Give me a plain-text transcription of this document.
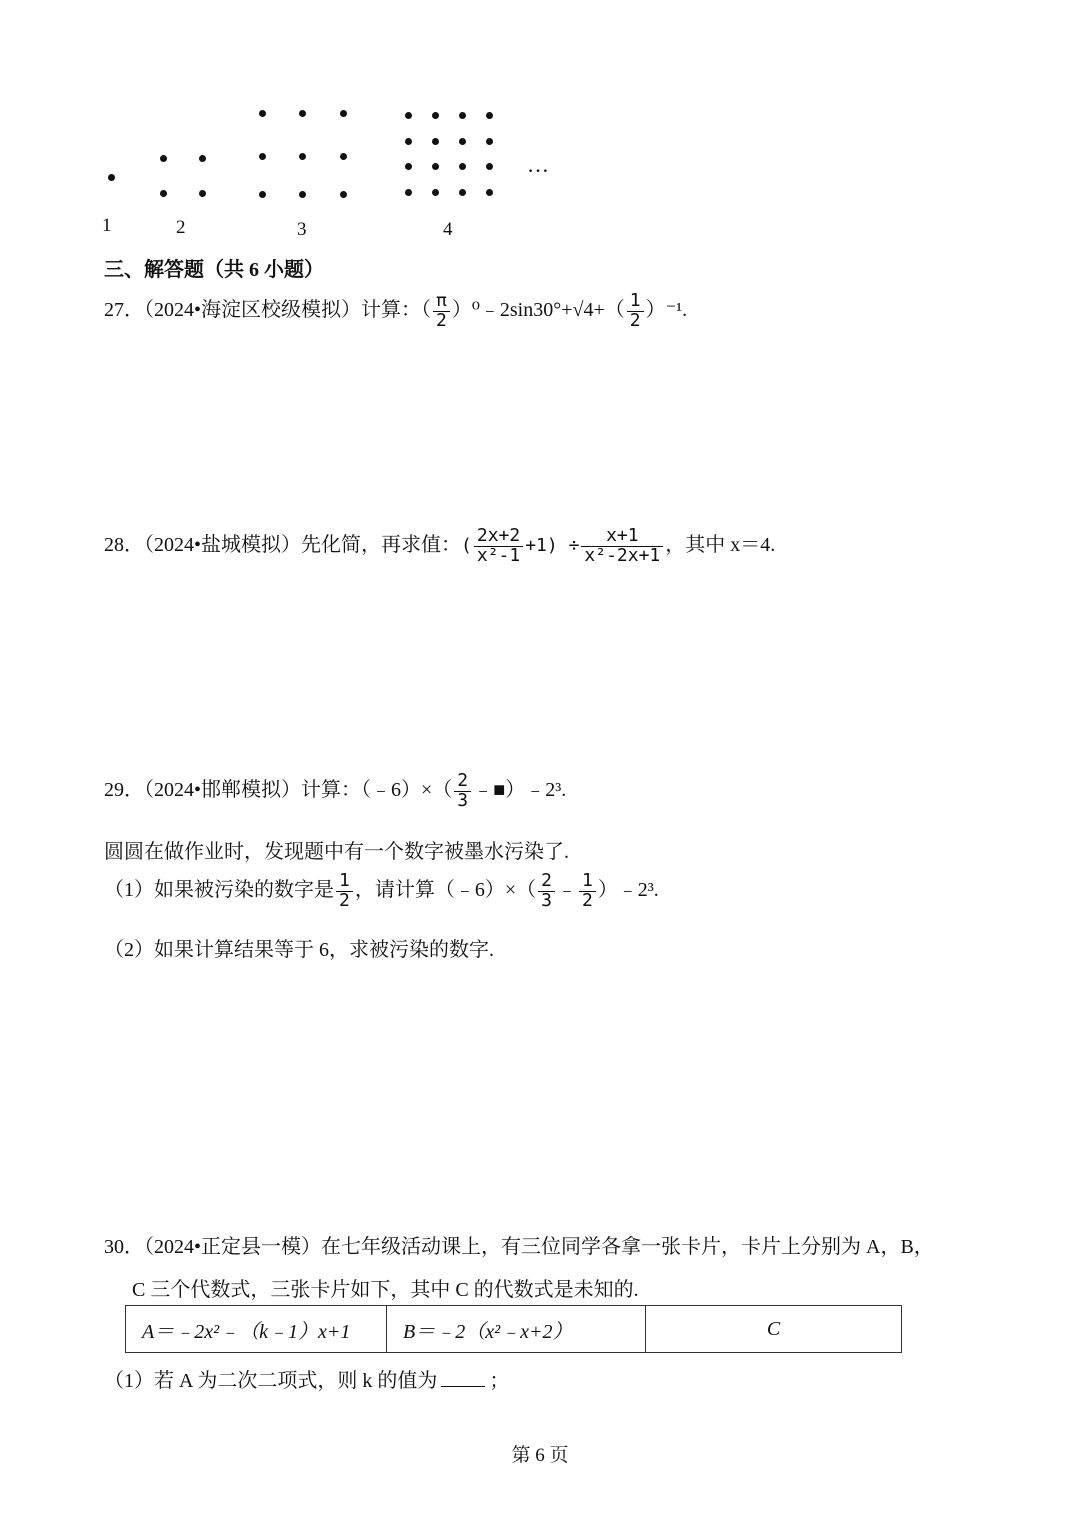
…
1	2	3	4
三、解答题（共 6 小题）
27．（2024•海淀区校级模拟）计算：（ $\frac{\pi}{2}$ ）⁰﹣2sin30°+√4+（ $\frac{1}{2} )^{-1}$.
28．（2024•盐城模拟）先化简，再求值：( $\frac{2x+2}{\text{x²-1}} +1) \div \frac{x+1}{\text{x²-2x+1}}$ ，其中 x＝4.
29．（2024•邯郸模拟）计算：（﹣6）×（ $\frac{2}{3}$ ﹣■）﹣2³.
圆圆在做作业时，发现题中有一个数字被墨水污染了.
（1）如果被污染的数字是 $\frac{1}{2}$ ，请计算（﹣6）×（ $\frac{2}{3}$ ﹣ $\frac{1}{2}$ ）﹣2³.
（2）如果计算结果等于 6，求被污染的数字.
30．（2024•正定县一模）在七年级活动课上，有三位同学各拿一张卡片，卡片上分别为 A，B，
C 三个代数式，三张卡片如下，其中 C 的代数式是未知的.
A＝﹣2x²﹣（k﹣1）x+1	B＝﹣2（x²﹣x+2）	C
（1）若 A 为二次二项式，则 k 的值为	；
第 6 页
